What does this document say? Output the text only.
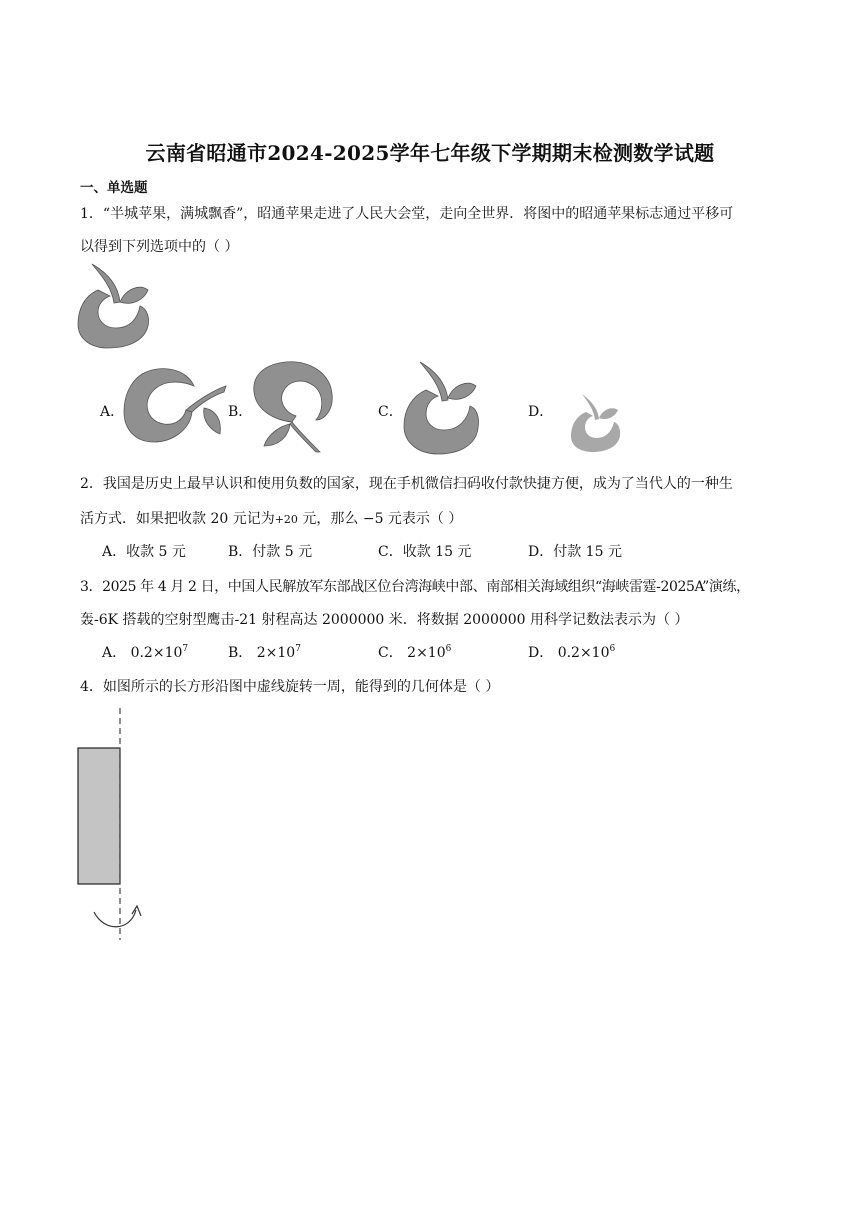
云南省昭通市2024-2025学年七年级下学期期末检测数学试题
一、单选题
1．“半城苹果，满城飘香”，昭通苹果走进了人民大会堂，走向全世界．将图中的昭通苹果标志通过平移可
以得到下列选项中的（ ）
A．	B．	C．	D．
2．我国是历史上最早认识和使用负数的国家，现在手机微信扫码收付款快捷方便，成为了当代人的一种生
活方式．如果把收款 20 元记为+20 元，那么 −5 元表示（ ）
A．收款 5 元	B．付款 5 元	C．收款 15 元	D．付款 15 元
3．2025 年 4 月 2 日，中国人民解放军东部战区位台湾海峡中部、南部相关海域组织“海峡雷霆-2025A”演练，
轰-6K 搭载的空射型鹰击-21 射程高达 2000000 米．将数据 2000000 用科学记数法表示为（ ）
A． $0.2\times 10^7$	B． $2\times 10^7$	C． $2\times 10^6$	D． $0.2\times 10^6$
4．如图所示的长方形沿图中虚线旋转一周，能得到的几何体是（ ）
